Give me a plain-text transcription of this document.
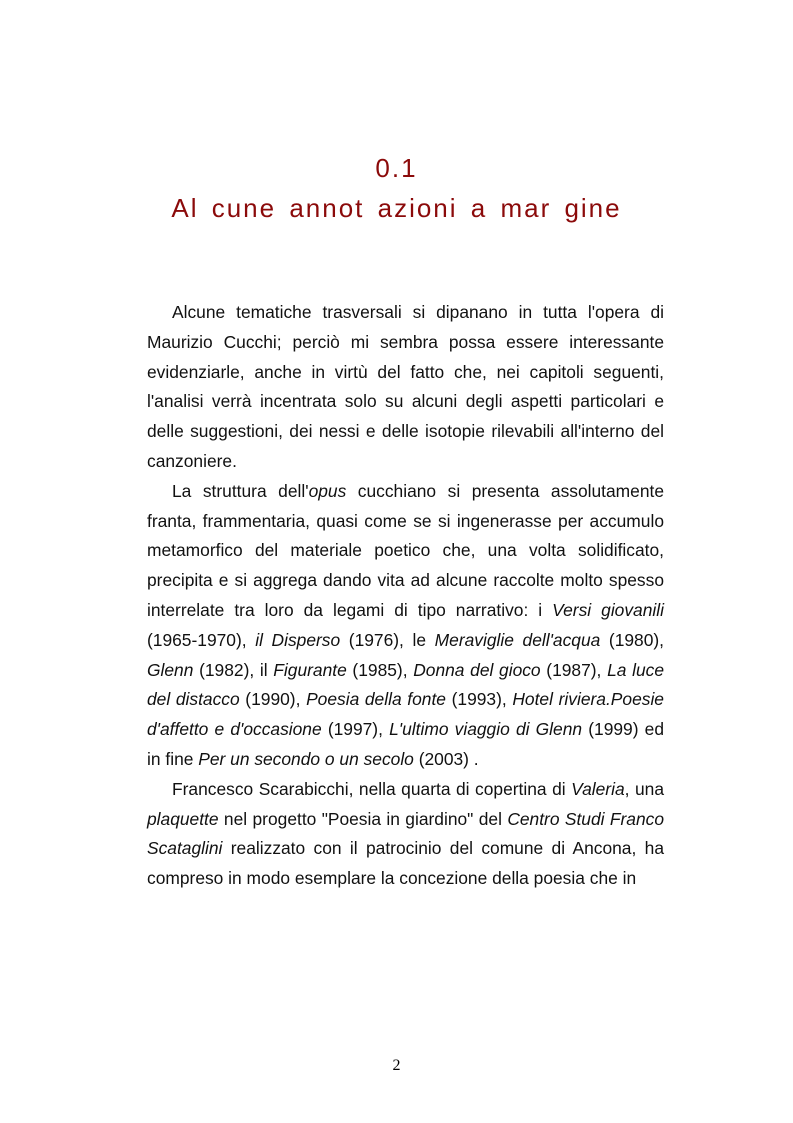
0.1
Al cune annot azioni a mar gine

Alcune tematiche trasversali si dipanano in tutta l'opera di Maurizio Cucchi; perciò mi sembra possa essere interessante evidenziarle, anche in virtù del fatto che, nei capitoli seguenti, l'analisi verrà incentrata solo su alcuni degli aspetti particolari e delle suggestioni, dei nessi e delle isotopie rilevabili all'interno del canzoniere.

La struttura dell'opus cucchiano si presenta assolutamente franta, frammentaria, quasi come se si ingenerasse per accumulo metamorfico del materiale poetico che, una volta solidificato, precipita e si aggrega dando vita ad alcune raccolte molto spesso interrelate tra loro da legami di tipo narrativo: i Versi giovanili (1965-1970), il Disperso (1976), le Meraviglie dell'acqua (1980), Glenn (1982), il Figurante (1985), Donna del gioco (1987), La luce del distacco (1990), Poesia della fonte (1993), Hotel riviera.Poesie d'affetto e d'occasione (1997), L'ultimo viaggio di Glenn (1999) ed in fine Per un secondo o un secolo (2003) .

Francesco Scarabicchi, nella quarta di copertina di Valeria, una plaquette nel progetto "Poesia in giardino" del Centro Studi Franco Scataglini realizzato con il patrocinio del comune di Ancona, ha compreso in modo esemplare la concezione della poesia che in

2
